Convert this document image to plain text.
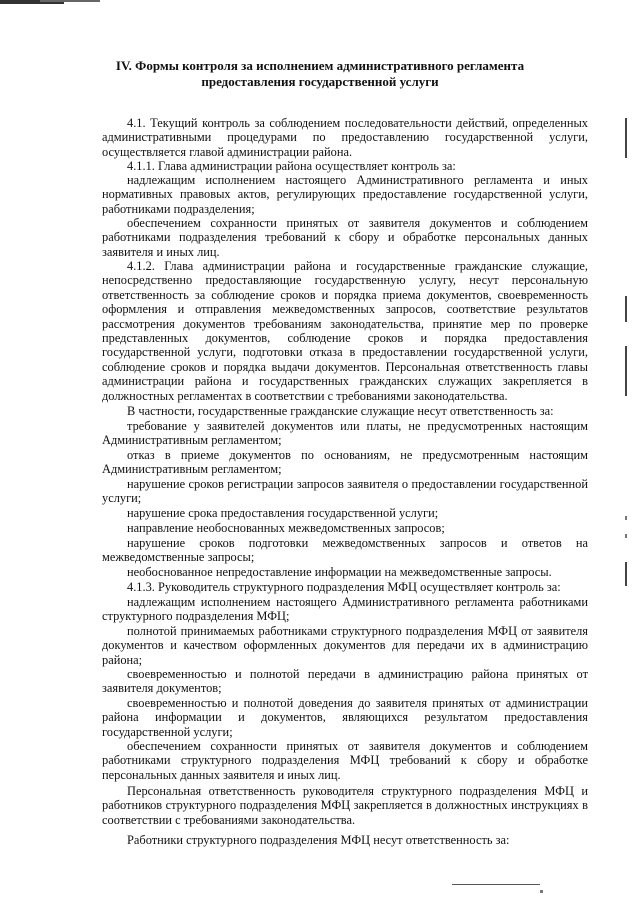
IV. Формы контроля за исполнением административного регламента
предоставления государственной услуги

4.1. Текущий контроль за соблюдением последовательности действий, определенных административными процедурами по предоставлению государственной услуги, осуществляется главой администрации района.

4.1.1. Глава администрации района осуществляет контроль за:

надлежащим исполнением настоящего Административного регламента и иных нормативных правовых актов, регулирующих предоставление государственной услуги, работниками подразделения;

обеспечением сохранности принятых от заявителя документов и соблюдением работниками подразделения требований к сбору и обработке персональных данных заявителя и иных лиц.

4.1.2. Глава администрации района и государственные гражданские служащие, непосредственно предоставляющие государственную услугу, несут персональную ответственность за соблюдение сроков и порядка приема документов, своевременность оформления и отправления межведомственных запросов, соответствие результатов рассмотрения документов требованиям законодательства, принятие мер по проверке представленных документов, соблюдение сроков и порядка предоставления государственной услуги, подготовки отказа в предоставлении государственной услуги, соблюдение сроков и порядка выдачи документов. Персональная ответственность главы администрации района и государственных гражданских служащих закрепляется в должностных регламентах в соответствии с требованиями законодательства.

В частности, государственные гражданские служащие несут ответственность за:

требование у заявителей документов или платы, не предусмотренных настоящим Административным регламентом;

отказ в приеме документов по основаниям, не предусмотренным настоящим Административным регламентом;

нарушение сроков регистрации запросов заявителя о предоставлении государственной услуги;

нарушение срока предоставления государственной услуги;

направление необоснованных межведомственных запросов;

нарушение сроков подготовки межведомственных запросов и ответов на межведомственные запросы;

необоснованное непредоставление информации на межведомственные запросы.

4.1.3. Руководитель структурного подразделения МФЦ осуществляет контроль за:

надлежащим исполнением настоящего Административного регламента работниками структурного подразделения МФЦ;

полнотой принимаемых работниками структурного подразделения МФЦ от заявителя документов и качеством оформленных документов для передачи их в администрацию района;

своевременностью и полнотой передачи в администрацию района принятых от заявителя документов;

своевременностью и полнотой доведения до заявителя принятых от администрации района информации и документов, являющихся результатом предоставления государственной услуги;

обеспечением сохранности принятых от заявителя документов и соблюдением работниками структурного подразделения МФЦ требований к сбору и обработке персональных данных заявителя и иных лиц.

Персональная ответственность руководителя структурного подразделения МФЦ и работников структурного подразделения МФЦ закрепляется в должностных инструкциях в соответствии с требованиями законодательства.

Работники структурного подразделения МФЦ несут ответственность за:
